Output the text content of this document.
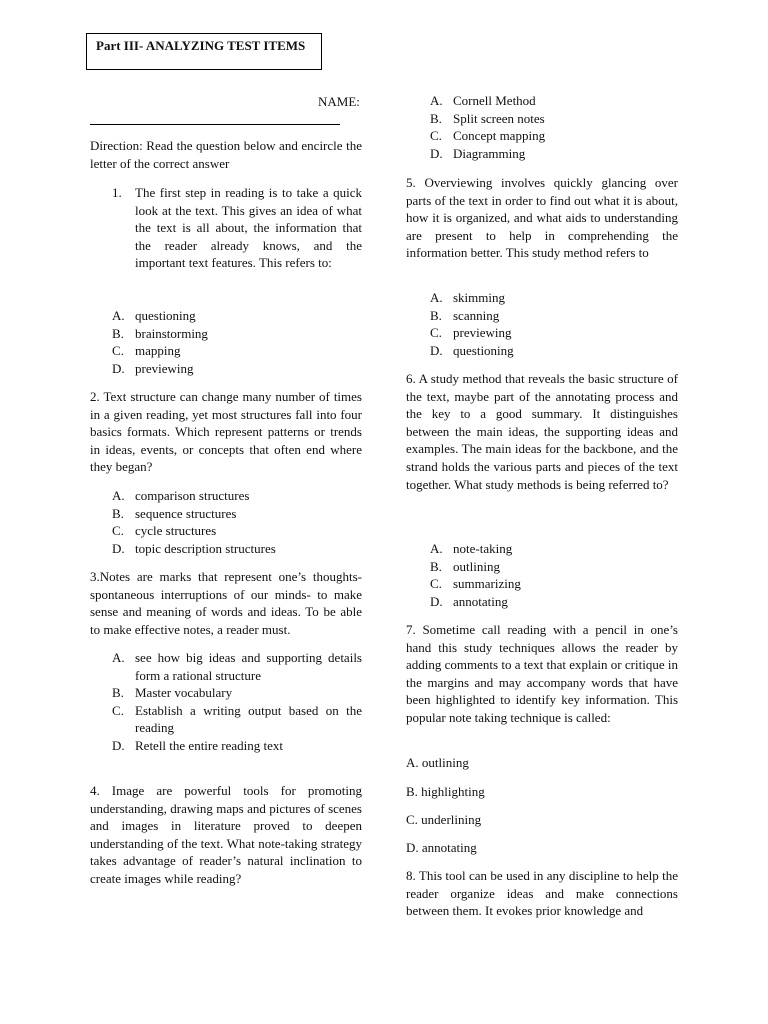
Part III- ANALYZING TEST ITEMS
NAME:
Direction: Read the question below and encircle the letter of the correct answer
1. The first step in reading is to take a quick look at the text. This gives an idea of what the text is all about, the information that the reader already knows, and the important text features. This refers to:
A. questioning
B. brainstorming
C. mapping
D. previewing
2. Text structure can change many number of times in a given reading, yet most structures fall into four basics formats. Which represent patterns or trends in ideas, events, or concepts that often end where they began?
A. comparison structures
B. sequence structures
C. cycle structures
D. topic description structures
3.Notes are marks that represent one’s thoughts-spontaneous interruptions of our minds- to make sense and meaning of words and ideas. To be able to make effective notes, a reader must.
A. see how big ideas and supporting details form a rational structure
B. Master vocabulary
C. Establish a writing output based on the reading
D. Retell the entire reading text
4. Image are powerful tools for promoting understanding, drawing maps and pictures of scenes and images in literature proved to deepen understanding of the text. What note-taking strategy takes advantage of reader’s natural inclination to create images while reading?
A. Cornell Method
B. Split screen notes
C. Concept mapping
D. Diagramming
5. Overviewing involves quickly glancing over parts of the text in order to find out what it is about, how it is organized, and what aids to understanding are present to help in comprehending the information better. This study method refers to
A. skimming
B. scanning
C. previewing
D. questioning
6. A study method that reveals the basic structure of the text, maybe part of the annotating process and the key to a good summary. It distinguishes between the main ideas, the supporting ideas and examples. The main ideas for the backbone, and the strand holds the various parts and pieces of the text together. What study methods is being referred to?
A. note-taking
B. outlining
C. summarizing
D. annotating
7. Sometime call reading with a pencil in one’s hand this study techniques allows the reader by adding comments to a text that explain or critique in the margins and may accompany words that have been highlighted to identify key information. This popular note taking technique is called:
A. outlining
B. highlighting
C. underlining
D. annotating
8. This tool can be used in any discipline to help the reader organize ideas and make connections between them. It evokes prior knowledge and
